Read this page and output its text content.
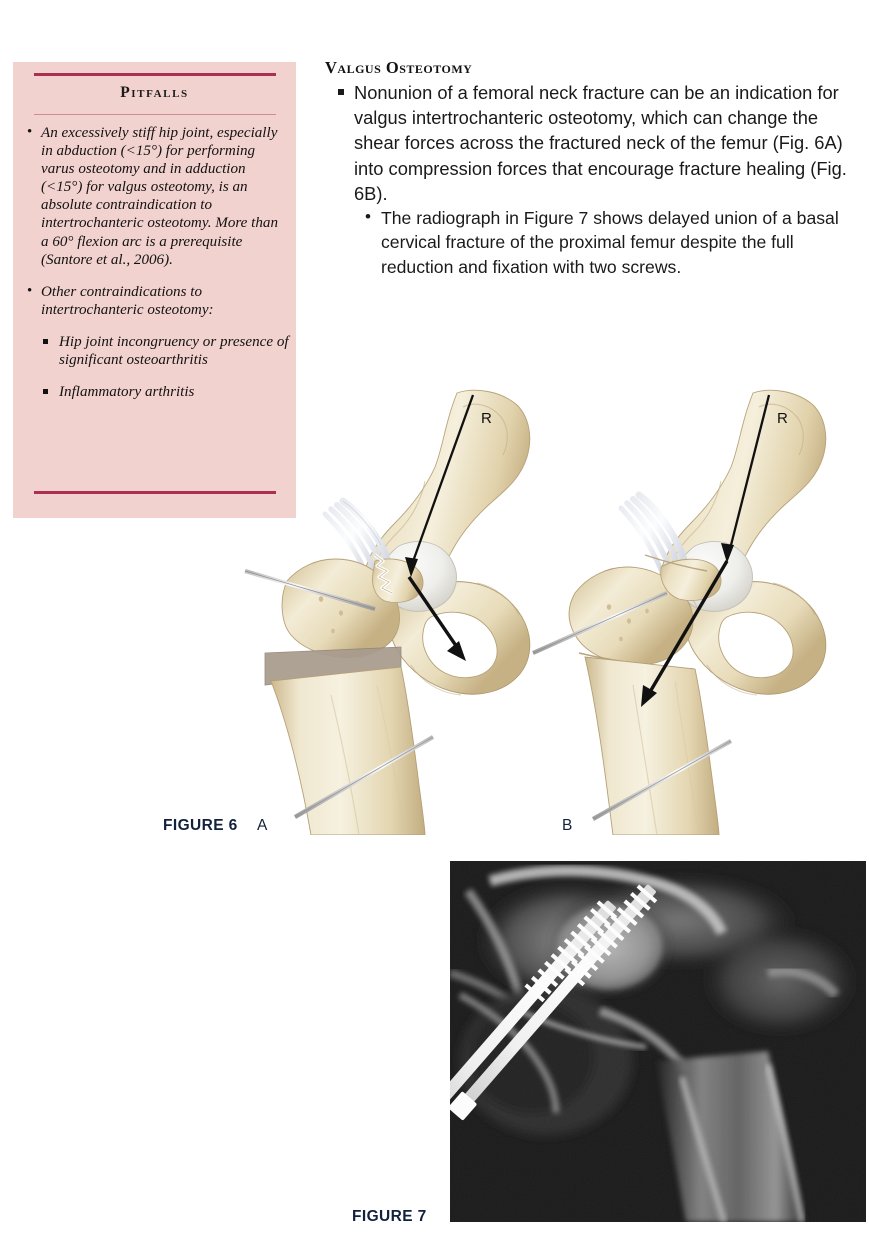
Pitfalls
• An excessively stiff hip joint, especially in abduction (<15°) for performing varus osteotomy and in adduction (<15°) for valgus osteotomy, is an absolute contraindication to intertrochanteric osteotomy. More than a 60° flexion arc is a prerequisite (Santore et al., 2006).
• Other contraindications to intertrochanteric osteotomy:
Hip joint incongruency or presence of significant osteoarthritis
Inflammatory arthritis
Valgus Osteotomy
Nonunion of a femoral neck fracture can be an indication for valgus intertrochanteric osteotomy, which can change the shear forces across the fractured neck of the femur (Fig. 6A) into compression forces that encourage fracture healing (Fig. 6B).
• The radiograph in Figure 7 shows delayed union of a basal cervical fracture of the proximal femur despite the full reduction and fixation with two screws.
R	R
FIGURE 6 A	B
FIGURE 7
